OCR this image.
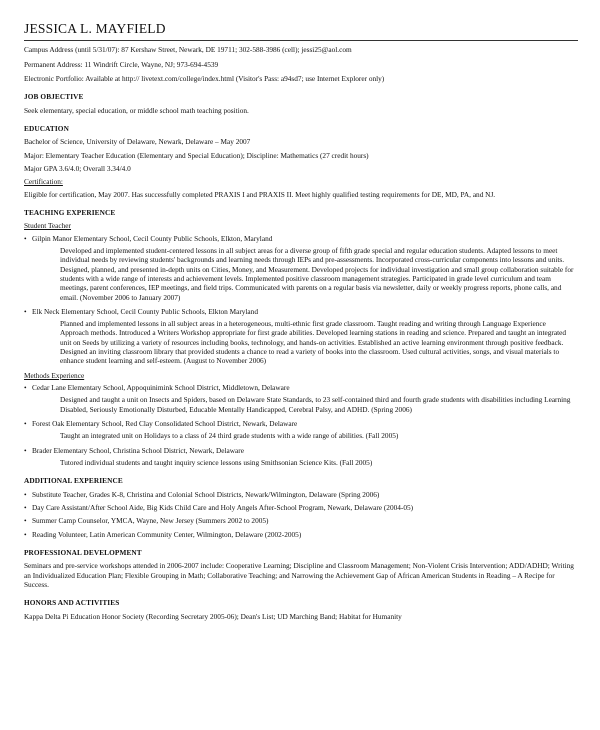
JESSICA L. MAYFIELD
Campus Address (until 5/31/07): 87 Kershaw Street, Newark, DE 19711; 302-588-3986 (cell); jessi25@aol.com
Permanent Address: 11 Windrift Circle, Wayne, NJ; 973-694-4539
Electronic Portfolio: Available at http:// livetext.com/college/index.html (Visitor's Pass: a94sd7; use Internet Explorer only)
JOB OBJECTIVE
Seek elementary, special education, or middle school math teaching position.
EDUCATION
Bachelor of Science, University of Delaware, Newark, Delaware – May 2007
Major: Elementary Teacher Education (Elementary and Special Education); Discipline: Mathematics (27 credit hours)
Major GPA 3.6/4.0; Overall 3.34/4.0
Certification:
Eligible for certification, May 2007. Has successfully completed PRAXIS I and PRAXIS II. Meet highly qualified testing requirements for DE, MD, PA, and NJ.
TEACHING EXPERIENCE
Student Teacher
• Gilpin Manor Elementary School, Cecil County Public Schools, Elkton, Maryland
Developed and implemented student-centered lessons in all subject areas for a diverse group of fifth grade special and regular education students. Adapted lessons to meet individual needs by reviewing students' backgrounds and learning needs through IEPs and pre-assessments. Incorporated cross-curricular components into lessons and units. Designed, planned, and presented in-depth units on Cities, Money, and Measurement. Developed projects for individual investigation and small group collaboration suitable for students with a wide range of interests and achievement levels. Implemented positive classroom management strategies. Participated in grade level curriculum and team meetings, parent conferences, IEP meetings, and field trips. Communicated with parents on a regular basis via newsletter, daily or weekly progress reports, phone calls, and email. (November 2006 to January 2007)
• Elk Neck Elementary School, Cecil County Public Schools, Elkton Maryland
Planned and implemented lessons in all subject areas in a heterogeneous, multi-ethnic first grade classroom. Taught reading and writing through Language Experience Approach methods. Introduced a Writers Workshop appropriate for first grade abilities. Developed learning stations in reading and science. Prepared and taught an integrated unit on Seeds by utilizing a variety of resources including books, technology, and hands-on activities. Established an active learning environment through positive feedback. Designed an inviting classroom library that provided students a chance to read a variety of books into the classroom. Used cultural activities, songs, and visual materials to enhance student learning and self-esteem. (August to November 2006)
Methods Experience
• Cedar Lane Elementary School, Appoquinimink School District, Middletown, Delaware
Designed and taught a unit on Insects and Spiders, based on Delaware State Standards, to 23 self-contained third and fourth grade students with disabilities including Learning Disabled, Seriously Emotionally Disturbed, Educable Mentally Handicapped, Cerebral Palsy, and ADHD. (Spring 2006)
• Forest Oak Elementary School, Red Clay Consolidated School District, Newark, Delaware
Taught an integrated unit on Holidays to a class of 24 third grade students with a wide range of abilities. (Fall 2005)
• Brader Elementary School, Christina School District, Newark, Delaware
Tutored individual students and taught inquiry science lessons using Smithsonian Science Kits. (Fall 2005)
ADDITIONAL EXPERIENCE
• Substitute Teacher, Grades K-8, Christina and Colonial School Districts, Newark/Wilmington, Delaware (Spring 2006)
• Day Care Assistant/After School Aide, Big Kids Child Care and Holy Angels After-School Program, Newark, Delaware (2004-05)
• Summer Camp Counselor, YMCA, Wayne, New Jersey (Summers 2002 to 2005)
• Reading Volunteer, Latin American Community Center, Wilmington, Delaware (2002-2005)
PROFESSIONAL DEVELOPMENT
Seminars and pre-service workshops attended in 2006-2007 include: Cooperative Learning; Discipline and Classroom Management; Non-Violent Crisis Intervention; ADD/ADHD; Writing an Individualized Education Plan; Flexible Grouping in Math; Collaborative Teaching; and Narrowing the Achievement Gap of African American Students in Reading – A Recipe for Success.
HONORS AND ACTIVITIES
Kappa Delta Pi Education Honor Society (Recording Secretary 2005-06); Dean's List; UD Marching Band; Habitat for Humanity
